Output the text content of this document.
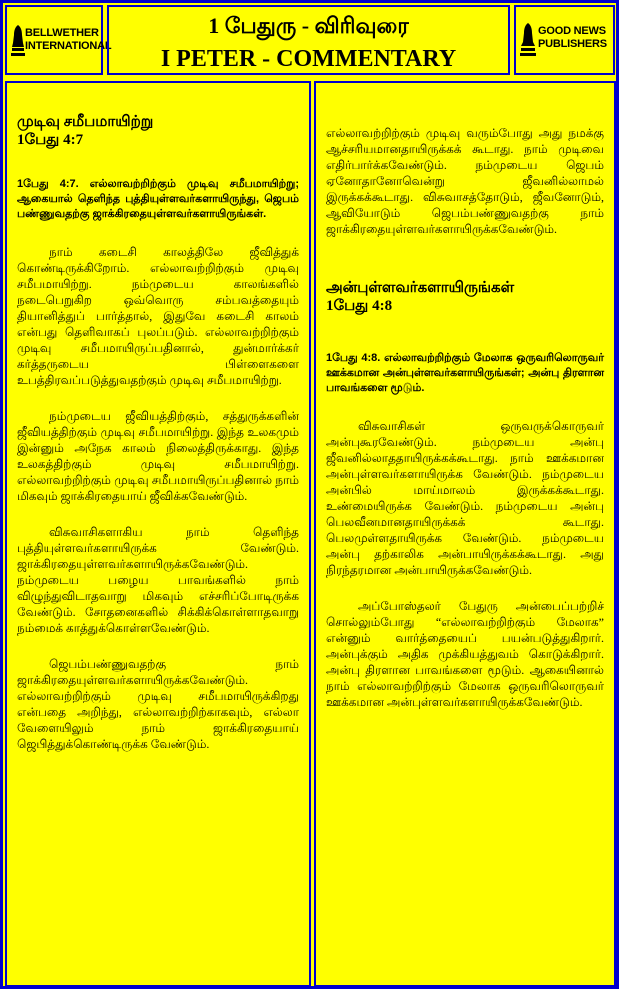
BELLWETHER
INTERNATIONAL
1 பேதுரு - விரிவுரை
I PETER - COMMENTARY
GOOD NEWS
PUBLISHERS
முடிவு சமீபமாயிற்று
1பேது 4:7
1பேது 4:7. எல்லாவற்றிற்கும் முடிவு சமீபமாயிற்று; ஆகையால் தெளிந்த புத்தியுள்ளவர்களாயிருந்து, ஜெபம் பண்ணுவதற்கு ஜாக்கிரதையுள்ளவர்களாயிருங்கள்.

நாம் கடைசி காலத்திலே ஜீவித்துக் கொண்டிருக்கிறோம். எல்லாவற்றிற்கும் முடிவு சமீபமாயிற்று. நம்முடைய காலங்களில் நடைபெறுகிற ஒவ்வொரு சம்பவத்தையும் தியானித்துப் பார்த்தால், இதுவே கடைசி காலம் என்பது தெளிவாகப் புலப்படும். எல்லாவற்றிற்கும் முடிவு சமீபமாயிருப்பதினால், துன்மார்க்கர் கர்த்தருடைய பிள்ளைகளை உபத்திரவப்படுத்துவதற்கும் முடிவு சமீபமாயிற்று.

நம்முடைய ஜீவியத்திற்கும், சத்துருக்களின் ஜீவியத்திற்கும் முடிவு சமீபமாயிற்று. இந்த உலகமும் இன்னும் அநேக காலம் நிலைத்திருக்காது. இந்த உலகத்திற்கும் முடிவு சமீபமாயிற்று. எல்லாவற்றிற்கும் முடிவு சமீபமாயிருப்பதினால் நாம் மிகவும் ஜாக்கிரதையாய் ஜீவிக்கவேண்டும்.

விசுவாசிகளாகிய நாம் தெளிந்த புத்தியுள்ளவர்களாயிருக்க வேண்டும். ஜாக்கிரதையுள்ளவர்களாயிருக்கவேண்டும். நம்முடைய பழைய பாவங்களில் நாம் விழுந்துவிடாதவாறு மிகவும் எச்சரிப்போடிருக்க வேண்டும். சோதனைகளில் சிக்கிக்கொள்ளாதவாறு நம்மைக் காத்துக்கொள்ளவேண்டும்.

ஜெபம்பண்ணுவதற்கு நாம் ஜாக்கிரதையுள்ளவர்களாயிருக்கவேண்டும். எல்லாவற்றிற்கும் முடிவு சமீபமாயிருக்கிறது என்பதை அறிந்து, எல்லாவற்றிற்காகவும், எல்லா வேளையிலும் நாம் ஜாக்கிரதையாய் ஜெபித்துக்கொண்டிருக்க வேண்டும்.

எல்லாவற்றிற்கும் முடிவு வரும்போது அது நமக்கு ஆச்சரியமானதாயிருக்கக் கூடாது. நாம் முடிவை எதிர்பார்க்கவேண்டும். நம்முடைய ஜெபம் ஏனோதானோவென்று ஜீவனில்லாமல் இருக்கக்கூடாது. விசுவாசத்தோடும், ஜீவனோடும், ஆவியோடும் ஜெபம்பண்ணுவதற்கு நாம் ஜாக்கிரதையுள்ளவர்களாயிருக்கவேண்டும்.

அன்புள்ளவர்களாயிருங்கள்
1பேது 4:8
1பேது 4:8. எல்லாவற்றிற்கும் மேலாக ஒருவரிலொருவர் ஊக்கமான அன்புள்ளவர்களாயிருங்கள்; அன்பு திரளான பாவங்களை மூடும்.

விசுவாசிகள் ஒருவருக்கொருவர் அன்புகூரவேண்டும். நம்முடைய அன்பு ஜீவனில்லாததாயிருக்கக்கூடாது. நாம் ஊக்கமான அன்புள்ளவர்களாயிருக்க வேண்டும். நம்முடைய அன்பில் மாய்மாலம் இருக்கக்கூடாது. உண்மையிருக்க வேண்டும். நம்முடைய அன்பு பெலவீனமானதாயிருக்கக் கூடாது. பெலமுள்ளதாயிருக்க வேண்டும். நம்முடைய அன்பு தற்காலிக அன்பாயிருக்கக்கூடாது. அது நிரந்தரமான அன்பாயிருக்கவேண்டும்.

அப்போஸ்தலர் பேதுரு அன்பைப்பற்றிச் சொல்லும்போது “எல்லாவற்றிற்கும் மேலாக” என்னும் வார்த்தையைப் பயன்படுத்துகிறார். அன்புக்கும் அதிக முக்கியத்துவம் கொடுக்கிறார். அன்பு திரளான பாவங்களை மூடும். ஆகையினால் நாம் எல்லாவற்றிற்கும் மேலாக ஒருவரிலொருவர் ஊக்கமான அன்புள்ளவர்களாயிருக்கவேண்டும்.
